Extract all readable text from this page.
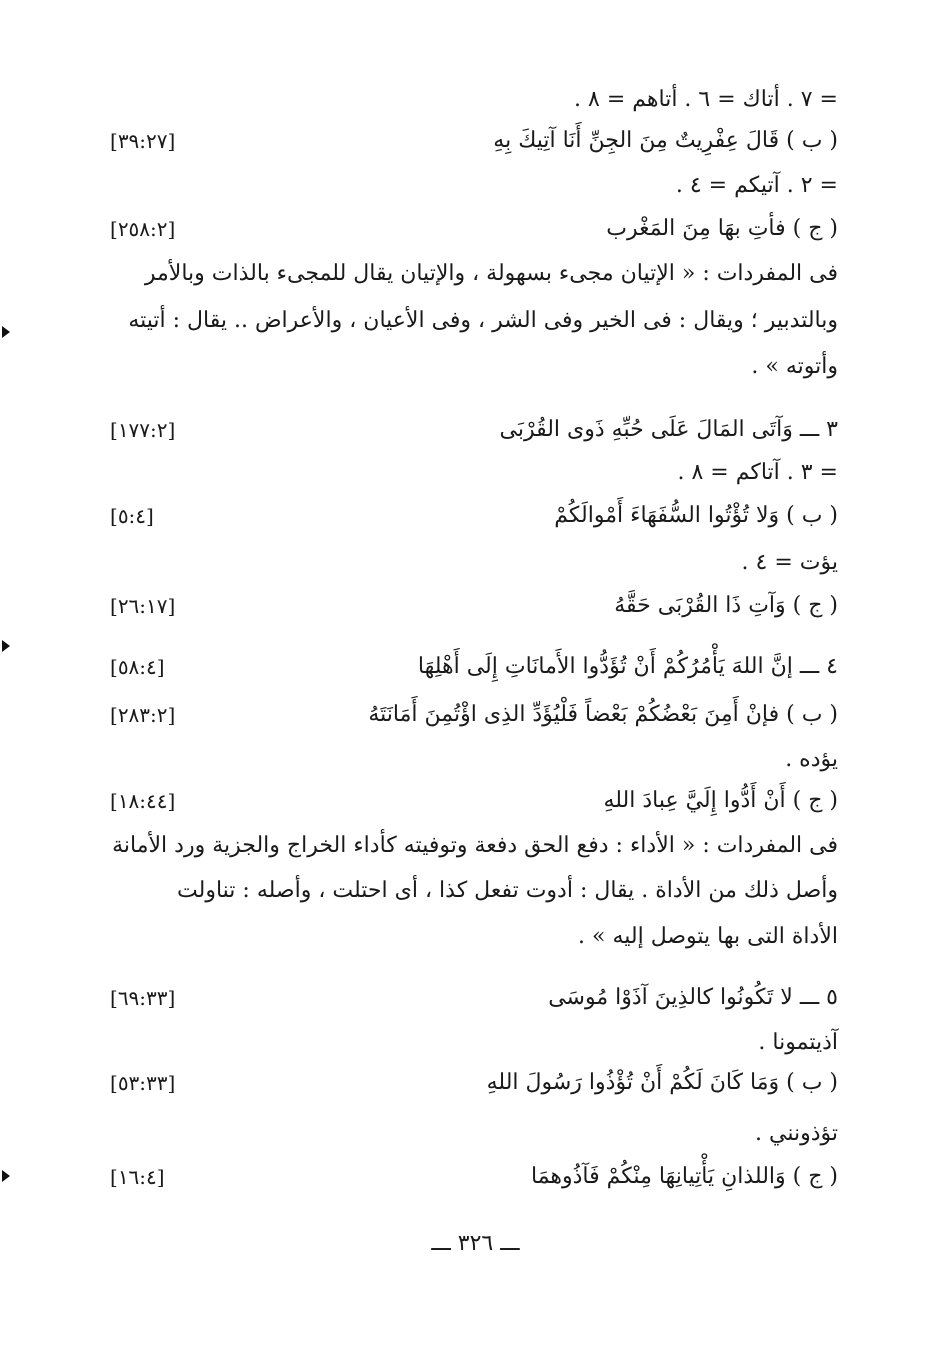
= ٧ . أتاك = ٦ . أتاهم = ٨ .
( ب ) قَالَ عِفْرِيتٌ مِنَ الجِنِّ أَنَا آتِيكَ بِهِ
[٣٩:٢٧]
= ٢ . آتيكم = ٤ .
( ج ) فأتِ بهَا مِنَ المَغْرب
[٢٥٨:٢]
فى المفردات : « الإتيان مجىء بسهولة ، والإتيان يقال للمجىء بالذات وبالأمر
وبالتدبير ؛ ويقال : فى الخير وفى الشر ، وفى الأعيان ، والأعراض .. يقال : أتيته
وأتوته » .
٣ ـــ وَآتَى المَالَ عَلَى حُبِّهِ ذَوى القُرْبَى
[١٧٧:٢]
= ٣ . آتاكم = ٨ .
( ب ) وَلا تُؤْتُوا السُّفَهَاءَ أَمْوالَكُمْ
[٥:٤]
يؤت = ٤ .
( ج ) وَآتِ ذَا القُرْبَى حَقَّهُ
[٢٦:١٧]
٤ ـــ إنَّ اللهَ يَأْمُرُكُمْ أَنْ تُؤَدُّوا الأَمانَاتِ إِلَى أَهْلِهَا
[٥٨:٤]
( ب ) فإنْ أَمِنَ بَعْضُكُمْ بَعْضاً فَلْيُؤَدِّ الذِى اؤْتُمِنَ أَمَانَتَهُ
[٢٨٣:٢]
يؤده .
( ج ) أَنْ أَدُّوا إِلَيَّ عِبادَ اللهِ
[١٨:٤٤]
فى المفردات : « الأداء : دفع الحق دفعة وتوفيته كأداء الخراج والجزية ورد الأمانة
وأصل ذلك من الأداة . يقال : أدوت تفعل كذا ، أى احتلت ، وأصله : تناولت
الأداة التى بها يتوصل إليه » .
٥ ـــ لا تَكُونُوا كالذِينَ آذَوْا مُوسَى
[٦٩:٣٣]
آذيتمونا .
( ب ) وَمَا كَانَ لَكُمْ أَنْ تُؤْذُوا رَسُولَ اللهِ
[٥٣:٣٣]
تؤذونني .
( ج ) وَاللذانِ يَأْتِيانِهَا مِنْكُمْ فَآذُوهمَا
[١٦:٤]
ـــ ٣٢٦ ـــ
